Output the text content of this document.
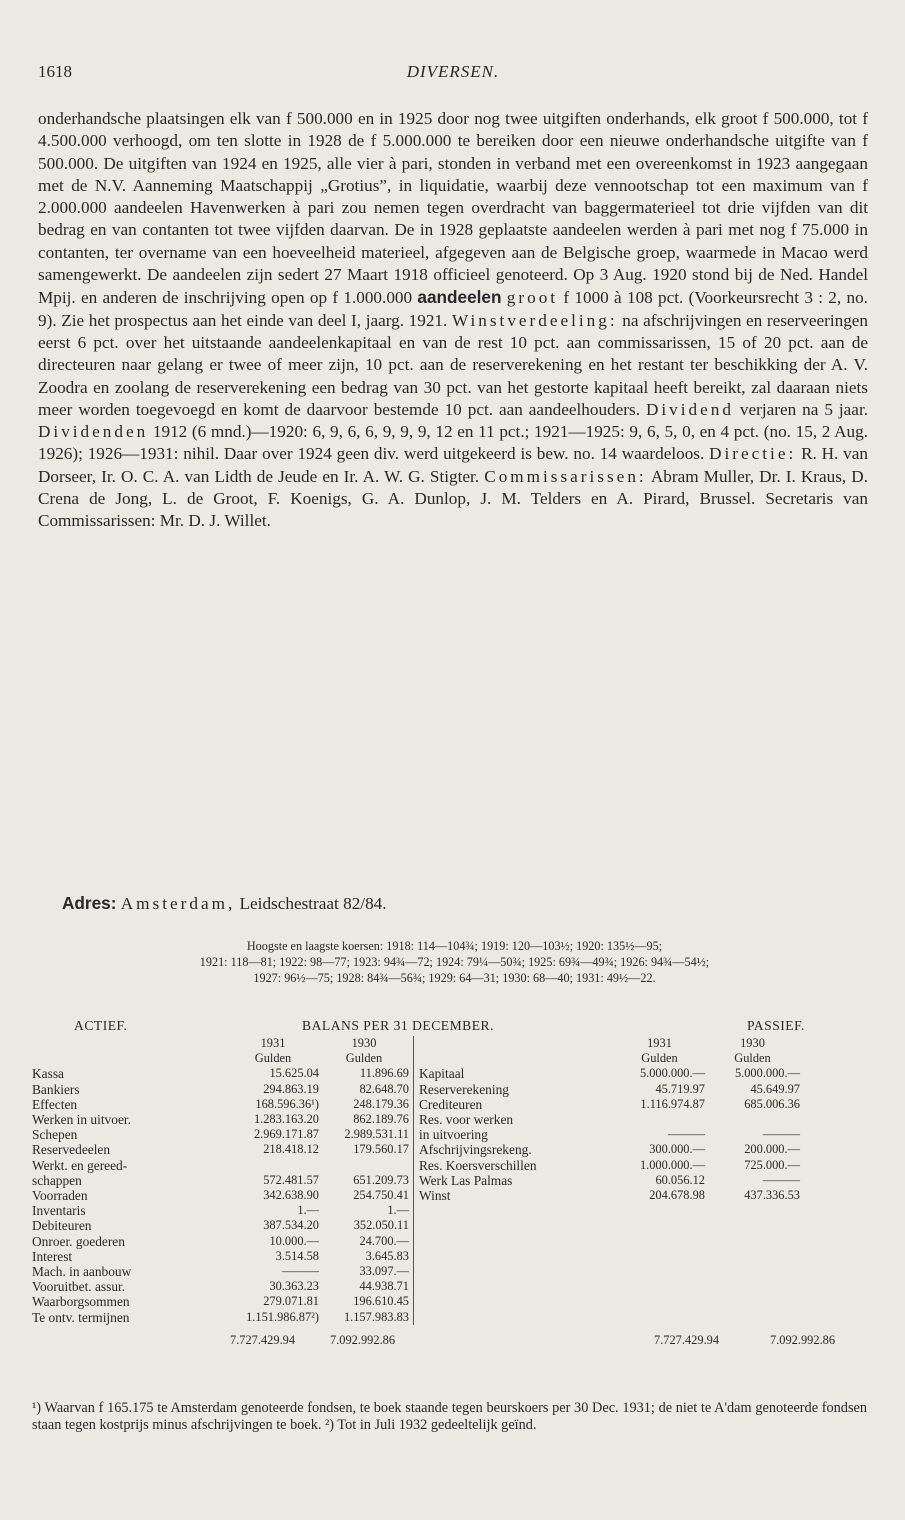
1618	DIVERSEN.
onderhandsche plaatsingen elk van f 500.000 en in 1925 door nog twee uitgiften onderhands, elk groot f 500.000, tot f 4.500.000 verhoogd, om ten slotte in 1928 de f 5.000.000 te bereiken door een nieuwe onderhandsche uitgifte van f 500.000. De uitgiften van 1924 en 1925, alle vier à pari, stonden in verband met een overeenkomst in 1923 aangegaan met de N.V. Aanneming Maatschappij „Grotius”, in liquidatie, waarbij deze vennootschap tot een maximum van f 2.000.000 aandeelen Havenwerken à pari zou nemen tegen overdracht van baggermaterieel tot drie vijfden van dit bedrag en van contanten tot twee vijfden daarvan. De in 1928 geplaatste aandeelen werden à pari met nog f 75.000 in contanten, ter overname van een hoeveelheid materieel, afgegeven aan de Belgische groep, waarmede in Macao werd samengewerkt. De aandeelen zijn sedert 27 Maart 1918 officieel genoteerd. Op 3 Aug. 1920 stond bij de Ned. Handel Mpij. en anderen de inschrijving open op f 1.000.000 aandeelen groot f 1000 à 108 pct. (Voorkeursrecht 3 : 2, no. 9). Zie het prospectus aan het einde van deel I, jaarg. 1921. Winstverdeeling: na afschrijvingen en reserveeringen eerst 6 pct. over het uitstaande aandeelenkapitaal en van de rest 10 pct. aan commissarissen, 15 of 20 pct. aan de directeuren naar gelang er twee of meer zijn, 10 pct. aan de reserverekening en het restant ter beschikking der A. V. Zoodra en zoolang de reserverekening een bedrag van 30 pct. van het gestorte kapitaal heeft bereikt, zal daaraan niets meer worden toegevoegd en komt de daarvoor bestemde 10 pct. aan aandeelhouders. Dividend verjaren na 5 jaar. Dividenden 1912 (6 mnd.)—1920: 6, 9, 6, 6, 9, 9, 9, 12 en 11 pct.; 1921—1925: 9, 6, 5, 0, en 4 pct. (no. 15, 2 Aug. 1926); 1926—1931: nihil. Daar over 1924 geen div. werd uitgekeerd is bew. no. 14 waardeloos. Directie: R. H. van Dorseer, Ir. O. C. A. van Lidth de Jeude en Ir. A. W. G. Stigter. Commissarissen: Abram Muller, Dr. I. Kraus, D. Crena de Jong, L. de Groot, F. Koenigs, G. A. Dunlop, J. M. Telders en A. Pirard, Brussel. Secretaris van Commissarissen: Mr. D. J. Willet.
Adres: Amsterdam, Leidschestraat 82/84.
Hoogste en laagste koersen: 1918: 114—104¾; 1919: 120—103½; 1920: 135½—95;
1921: 118—81; 1922: 98—77; 1923: 94¾—72; 1924: 79¼—50¾; 1925: 69¾—49¾; 1926: 94¾—54½;
1927: 96½—75; 1928: 84¾—56¾; 1929: 64—31; 1930: 68—40; 1931: 49½—22.
ACTIEF.	BALANS PER 31 DECEMBER.	PASSIEF.
	1931	1930		1931	1930
	Gulden	Gulden		Gulden	Gulden
Kassa	15.625.04	11.896.69	Kapitaal	5.000.000.—	5.000.000.—
Bankiers	294.863.19	82.648.70	Reserverekening	45.719.97	45.649.97
Effecten	168.596.36¹)	248.179.36	Crediteuren	1.116.974.87	685.006.36
Werken in uitvoer.	1.283.163.20	862.189.76	Res. voor werken		
Schepen	2.969.171.87	2.989.531.11	in uitvoering	———	———
Reservedeelen	218.418.12	179.560.17	Afschrijvingsrekeng.	300.000.—	200.000.—
Werkt. en gereed-			Res. Koersverschillen	1.000.000.—	725.000.—
schappen	572.481.57	651.209.73	Werk Las Palmas	60.056.12	———
Voorraden	342.638.90	254.750.41	Winst	204.678.98	437.336.53
Inventaris	1.—	1.—			
Debiteuren	387.534.20	352.050.11			
Onroer. goederen	10.000.—	24.700.—			
Interest	3.514.58	3.645.83			
Mach. in aanbouw	———	33.097.—			
Vooruitbet. assur.	30.363.23	44.938.71			
Waarborgsommen	279.071.81	196.610.45			
Te ontv. termijnen	1.151.986.87²)	1.157.983.83			
7.727.429.94	7.092.992.86	7.727.429.94	7.092.992.86
¹) Waarvan f 165.175 te Amsterdam genoteerde fondsen, te boek staande tegen beurskoers per 30 Dec. 1931; de niet te A'dam genoteerde fondsen staan tegen kostprijs minus afschrijvingen te boek. ²) Tot in Juli 1932 gedeeltelijk geïnd.
